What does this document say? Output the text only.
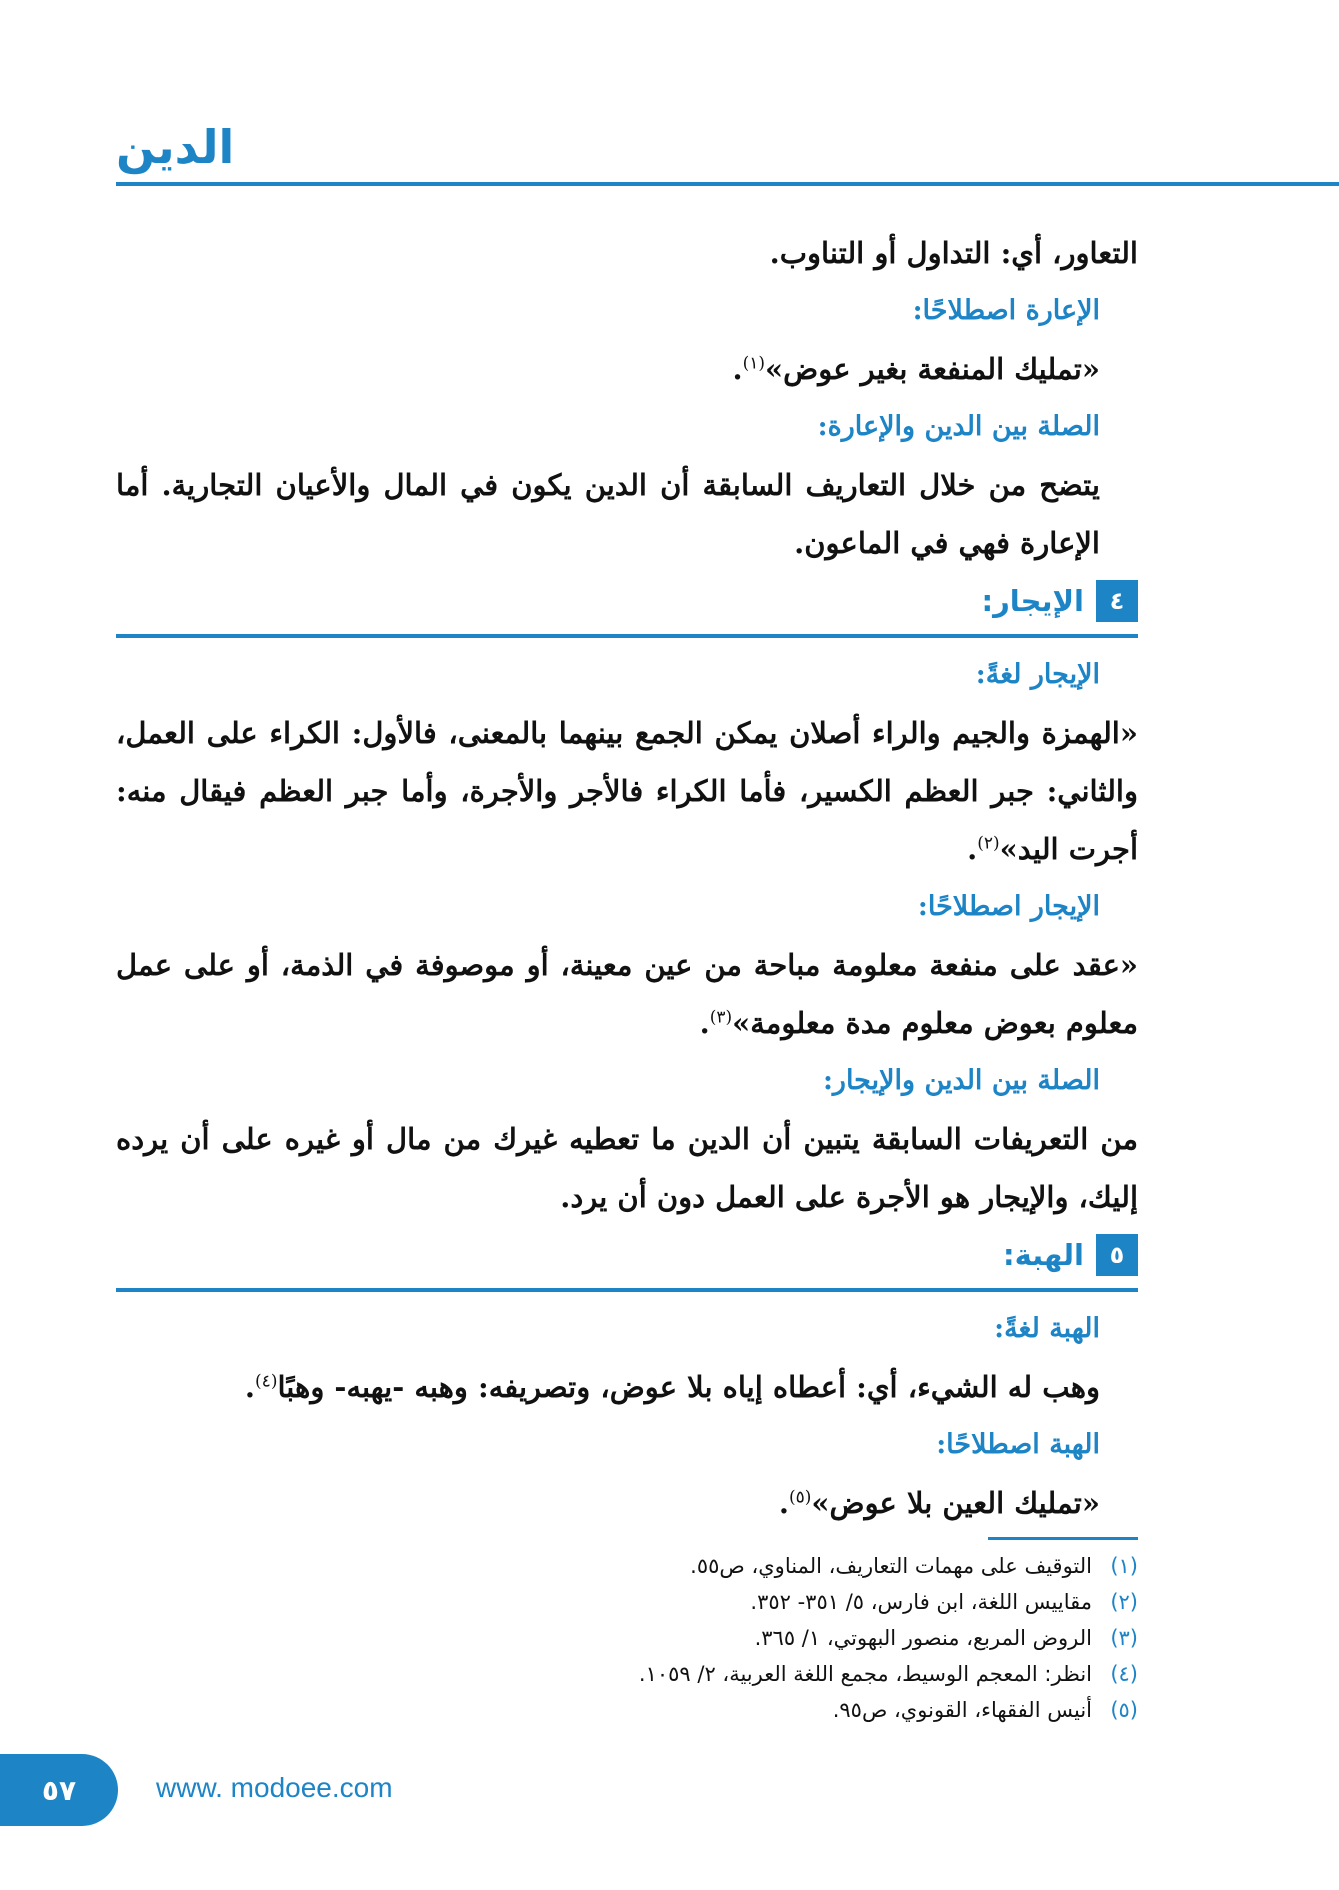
الدين

التعاور، أي: التداول أو التناوب.

الإعارة اصطلاحًا:

«تمليك المنفعة بغير عوض»$^{(١)}$.

الصلة بين الدين والإعارة:

يتضح من خلال التعاريف السابقة أن الدين يكون في المال والأعيان التجارية. أما الإعارة فهي في الماعون.

٤
الإيجار:

الإيجار لغةً:

«الهمزة والجيم والراء أصلان يمكن الجمع بينهما بالمعنى، فالأول: الكراء على العمل، والثاني: جبر العظم الكسير، فأما الكراء فالأجر والأجرة، وأما جبر العظم فيقال منه: أجرت اليد»$^{(٢)}$.

الإيجار اصطلاحًا:

«عقد على منفعة معلومة مباحة من عين معينة، أو موصوفة في الذمة، أو على عمل معلوم بعوض معلوم مدة معلومة»$^{(٣)}$.

الصلة بين الدين والإيجار:

من التعريفات السابقة يتبين أن الدين ما تعطيه غيرك من مال أو غيره على أن يرده إليك، والإيجار هو الأجرة على العمل دون أن يرد.

٥
الهبة:

الهبة لغةً:

وهب له الشيء، أي: أعطاه إياه بلا عوض، وتصريفه: وهبه -يهبه- وهبًا$^{(٤)}$.

الهبة اصطلاحًا:

«تمليك العين بلا عوض»$^{(٥)}$.

(١)
التوقيف على مهمات التعاريف، المناوي، ص٥٥.
(٢)
مقاييس اللغة، ابن فارس، ٥/ ٣٥١- ٣٥٢.
(٣)
الروض المربع، منصور البهوتي، ١/ ٣٦٥.
(٤)
انظر: المعجم الوسيط، مجمع اللغة العربية، ٢/ ١٠٥٩.
(٥)
أنيس الفقهاء، القونوي، ص٩٥.
٥٧	www. modoee.com
